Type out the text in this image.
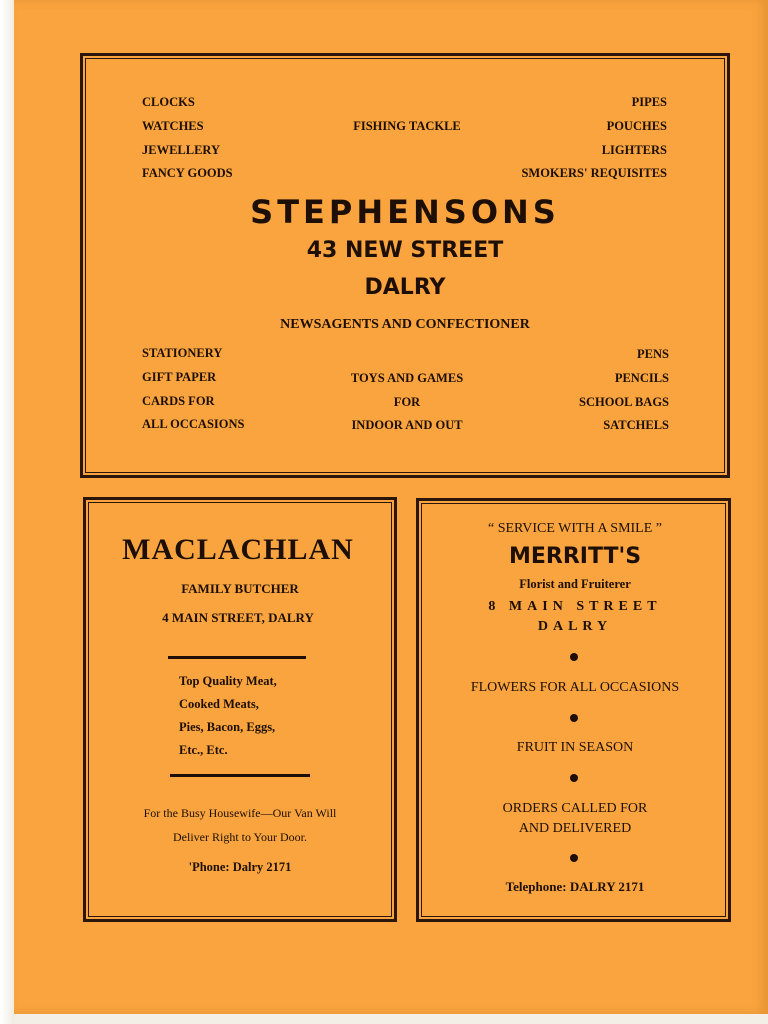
CLOCKS
WATCHES
JEWELLERY
FANCY GOODS
FISHING TACKLE
PIPES
POUCHES
LIGHTERS
SMOKERS' REQUISITES
STEPHENSONS
43 NEW STREET
DALRY
NEWSAGENTS AND CONFECTIONER
STATIONERY
GIFT PAPER
CARDS FOR
ALL OCCASIONS
TOYS AND GAMES
FOR
INDOOR AND OUT
PENS
PENCILS
SCHOOL BAGS
SATCHELS
MACLACHLAN
FAMILY BUTCHER
4 MAIN STREET, DALRY
Top Quality Meat,
Cooked Meats,
Pies, Bacon, Eggs,
Etc., Etc.
For the Busy Housewife—Our Van Will
Deliver Right to Your Door.
'Phone: Dalry 2171
“ SERVICE WITH A SMILE ”
MERRITT'S
Florist and Fruiterer
8 MAIN STREET
DALRY
FLOWERS FOR ALL OCCASIONS
FRUIT IN SEASON
ORDERS CALLED FOR
AND DELIVERED
Telephone: DALRY 2171
